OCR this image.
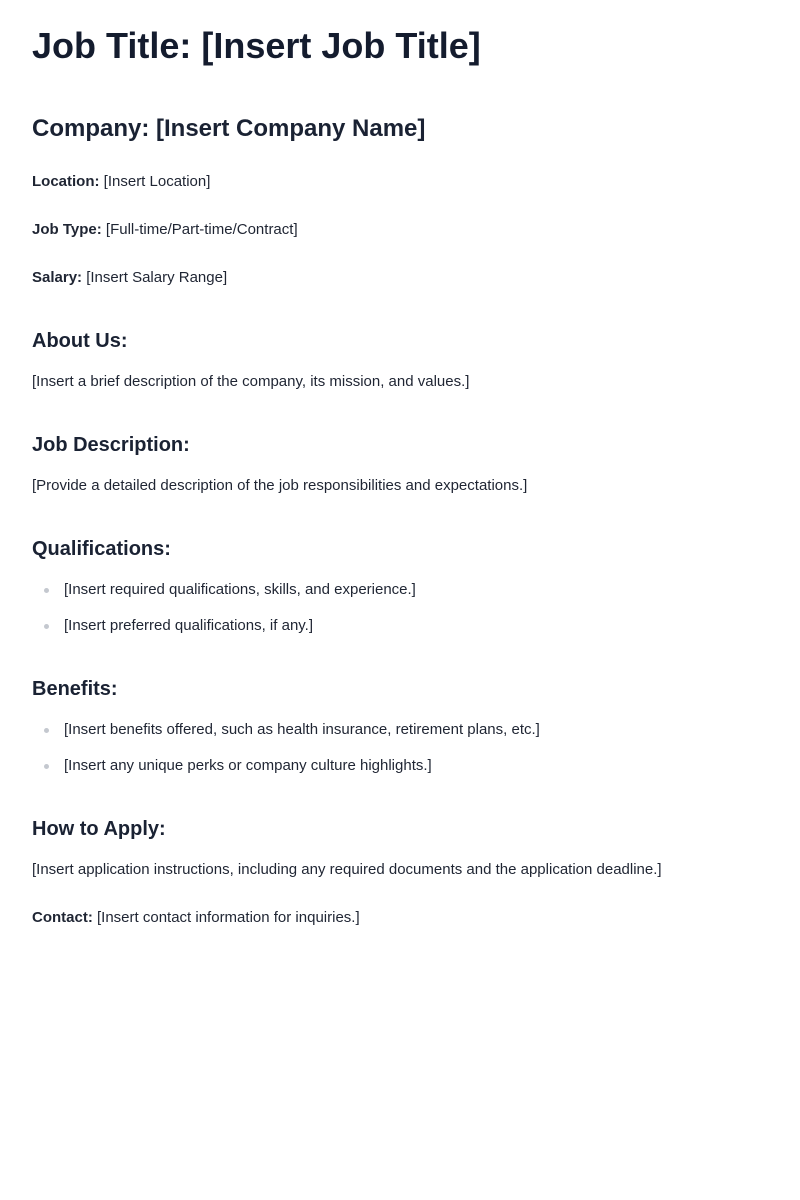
Job Title: [Insert Job Title]
Company: [Insert Company Name]

Location: [Insert Location]

Job Type: [Full-time/Part-time/Contract]

Salary: [Insert Salary Range]

About Us:

[Insert a brief description of the company, its mission, and values.]

Job Description:

[Provide a detailed description of the job responsibilities and expectations.]

Qualifications:
[Insert required qualifications, skills, and experience.]
[Insert preferred qualifications, if any.]
Benefits:
[Insert benefits offered, such as health insurance, retirement plans, etc.]
[Insert any unique perks or company culture highlights.]
How to Apply:

[Insert application instructions, including any required documents and the application deadline.]

Contact: [Insert contact information for inquiries.]
